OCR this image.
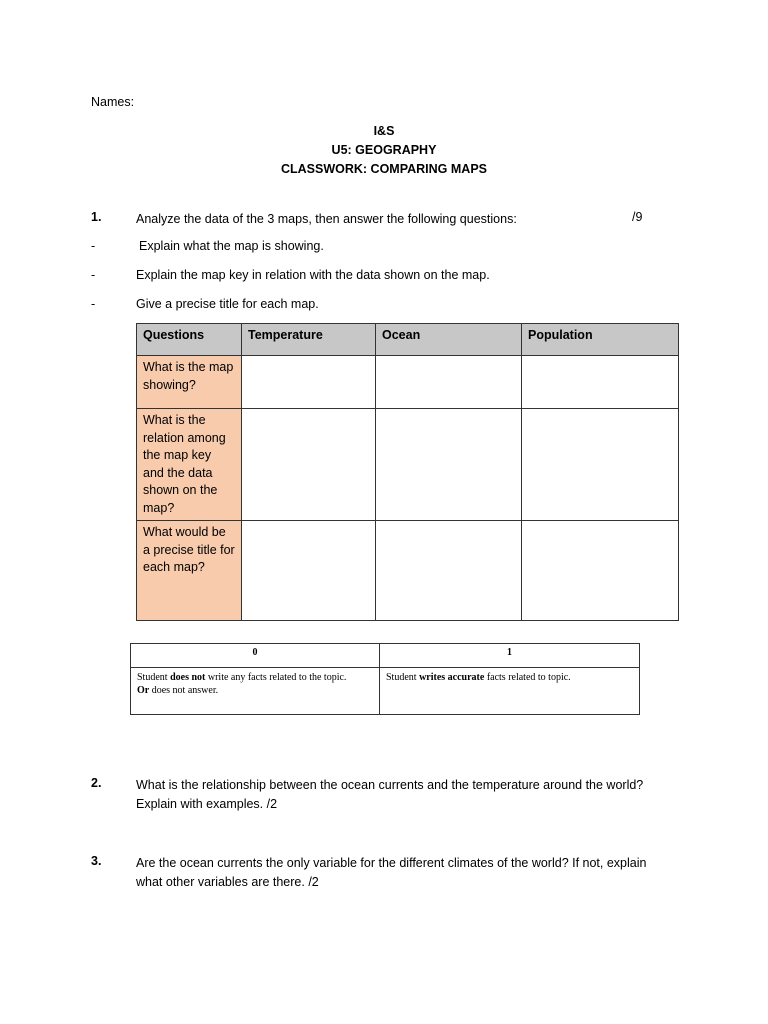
Names:
I&S
U5: GEOGRAPHY
CLASSWORK: COMPARING MAPS
1.	Analyze the data of the 3 maps, then answer the following questions:	/9
-	Explain what the map is showing.
-	Explain the map key in relation with the data shown on the map.
-	Give a precise title for each map.
Questions	Temperature	Ocean	Population
What is the map showing?			
What is the relation among the map key and the data shown on the map?			
What would be a precise title for each map?			
0	1
Student does not write any facts related to the topic.
Or does not answer.	Student writes accurate facts related to topic.
2.	What is the relationship between the ocean currents and the temperature around the world? Explain with examples. /2
3.	Are the ocean currents the only variable for the different climates of the world? If not, explain what other variables are there. /2
